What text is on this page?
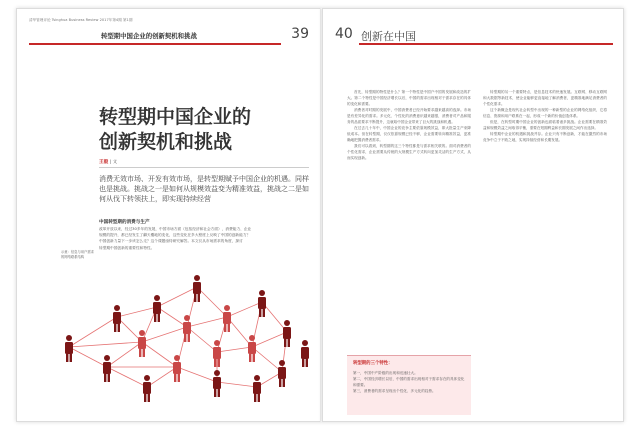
清华管理评论 Tsinghua Business Review 2017年第4期 第1期
转型期中国企业的创新契机和挑战	39
转型期中国企业的
创新契机和挑战
王毅 | 文
消费无效市场、开发有效市场，是转型期赋予中国企业的机遇。同样也是挑战。挑战之一是如何从规模效益变为精准效益，挑战之二是如何从伐下转领扶上，即实现持续经营
中国转型期的消费与生产
改革开放以来，经过30多年的发展，中国市场方面（包括经济和社会方面），消费能力、企业
规模的提升，都已经发生了翻天覆地的变化，这些变化在多大程度上反映了中国的创新能力？
中国创新力量下一步该怎么走？这个课题亟待研究解答。本文仅从市场需求的角度，探讨
转型期中国创新的重要性和特性。
示意：信息与用户需求
的网络联系结构
40 创新在中国

首先，转型期的特性是什么？第一个特性是中国户中国的发展和改造的扩大。第二个特性是中国经济增长以后，中国的需求出现相对于需求存在的具体的变化和需要。

消费者对时期的发展中，中国消费者已经开始要求越来越高的选择。市场是有差异化的需求。多元化、个性化的消费意识越来越强，消费者对产品和服务的品质要求不断提升，这就给中国企业带来了巨大的挑战和机遇。

在过去几十年中，中国企业的竞争主要依靠规模效益，即大批量生产来降低成本。但在转型期，仅仅依靠规模已经不够，企业需要转向精准效益，更准确地把握消费者需求。

我们可以看到，转型期的这三个特性都是与需求相关联的。面对消费者的个性化需求，企业需要从传统的大规模生产方式转向更加灵活的生产方式，从而实现创新。

转型期的另一个重要特点，是信息技术的快速发展。互联网、移动互联网和大数据等新技术，使企业能够更直接地了解消费者，更精准地满足消费者的个性化需求。

这个新概念是现代社会转型中出现的一种新型的企业的网络化组织，它将信息、资源和用户联系在一起，形成一个新的价值创造体系。

但是，在转型时期中国企业的创新也面临着诸多挑战。企业需要在精准效益和规模效益之间取得平衡，需要在短期利益和长期发展之间作出选择。

转型期中企业的机遇和挑战并存。企业只有不断创新，才能在激烈的市场竞争中立于不败之地，实现持续经营和长期发展。

转型期的三个特性：
第一，中国中产阶级的出现和迅速壮大。
第二，中国经济增长以后，中国的需求出现相对于需求存在的具体变化和需要。
第三，消费者的需求呈现出个性化、多元化的趋势。
